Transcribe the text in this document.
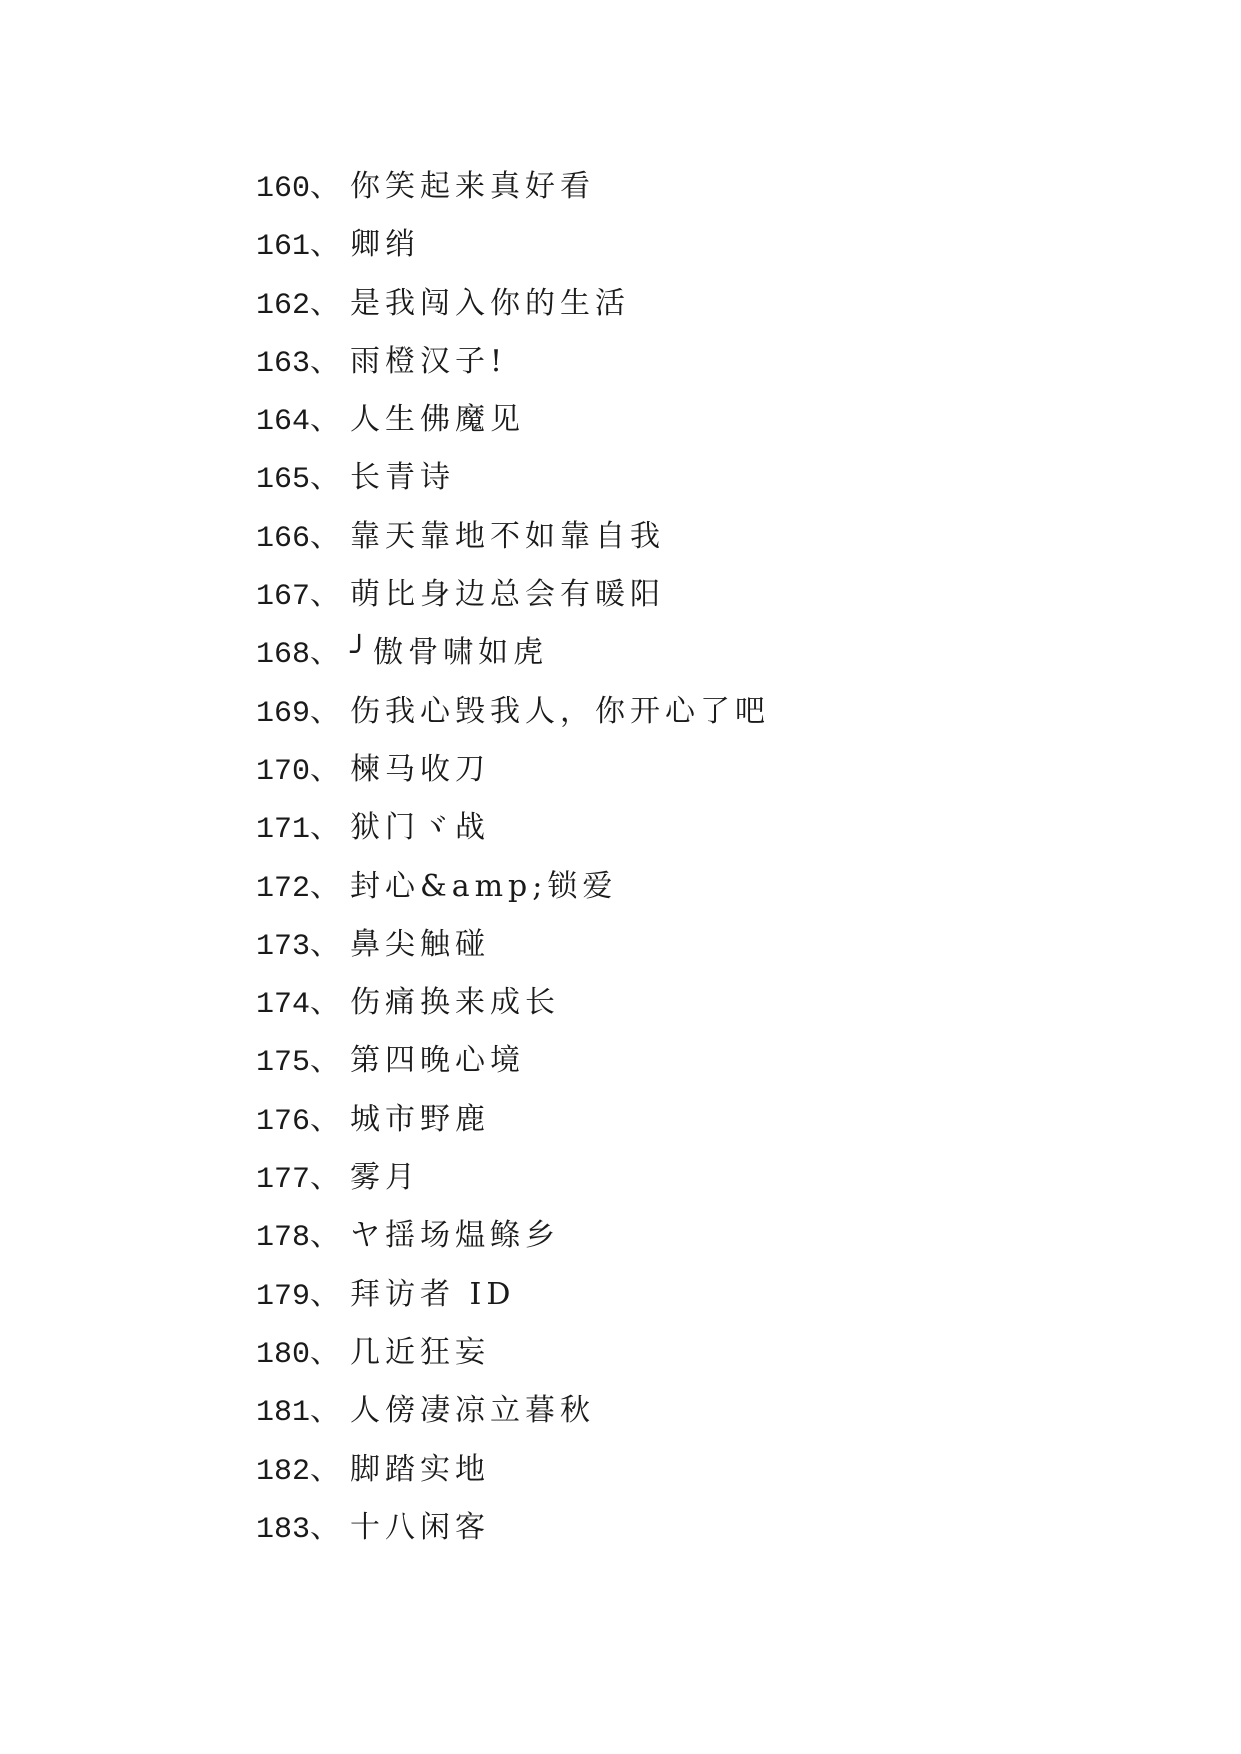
160、 你笑起来真好看
161、 卿绡
162、 是我闯入你的生活
163、 雨橙汉子!
164、 人生佛魔见
165、 长青诗
166、 靠天靠地不如靠自我
167、 萌比身边总会有暖阳
168、 ╯傲骨啸如虎
169、 伤我心毁我人，你开心了吧
170、 楝马收刀
171、 狱门ヾ战
172、 封心&amp;锁爱
173、 鼻尖触碰
174、 伤痛换来成长
175、 第四晚心境
176、 城市野鹿
177、 雾月
178、 ヤ揺场煴鲦乡
179、 拜访者 ID
180、 几近狂妄
181、 人傍凄凉立暮秋
182、 脚踏实地
183、 十八闲客
